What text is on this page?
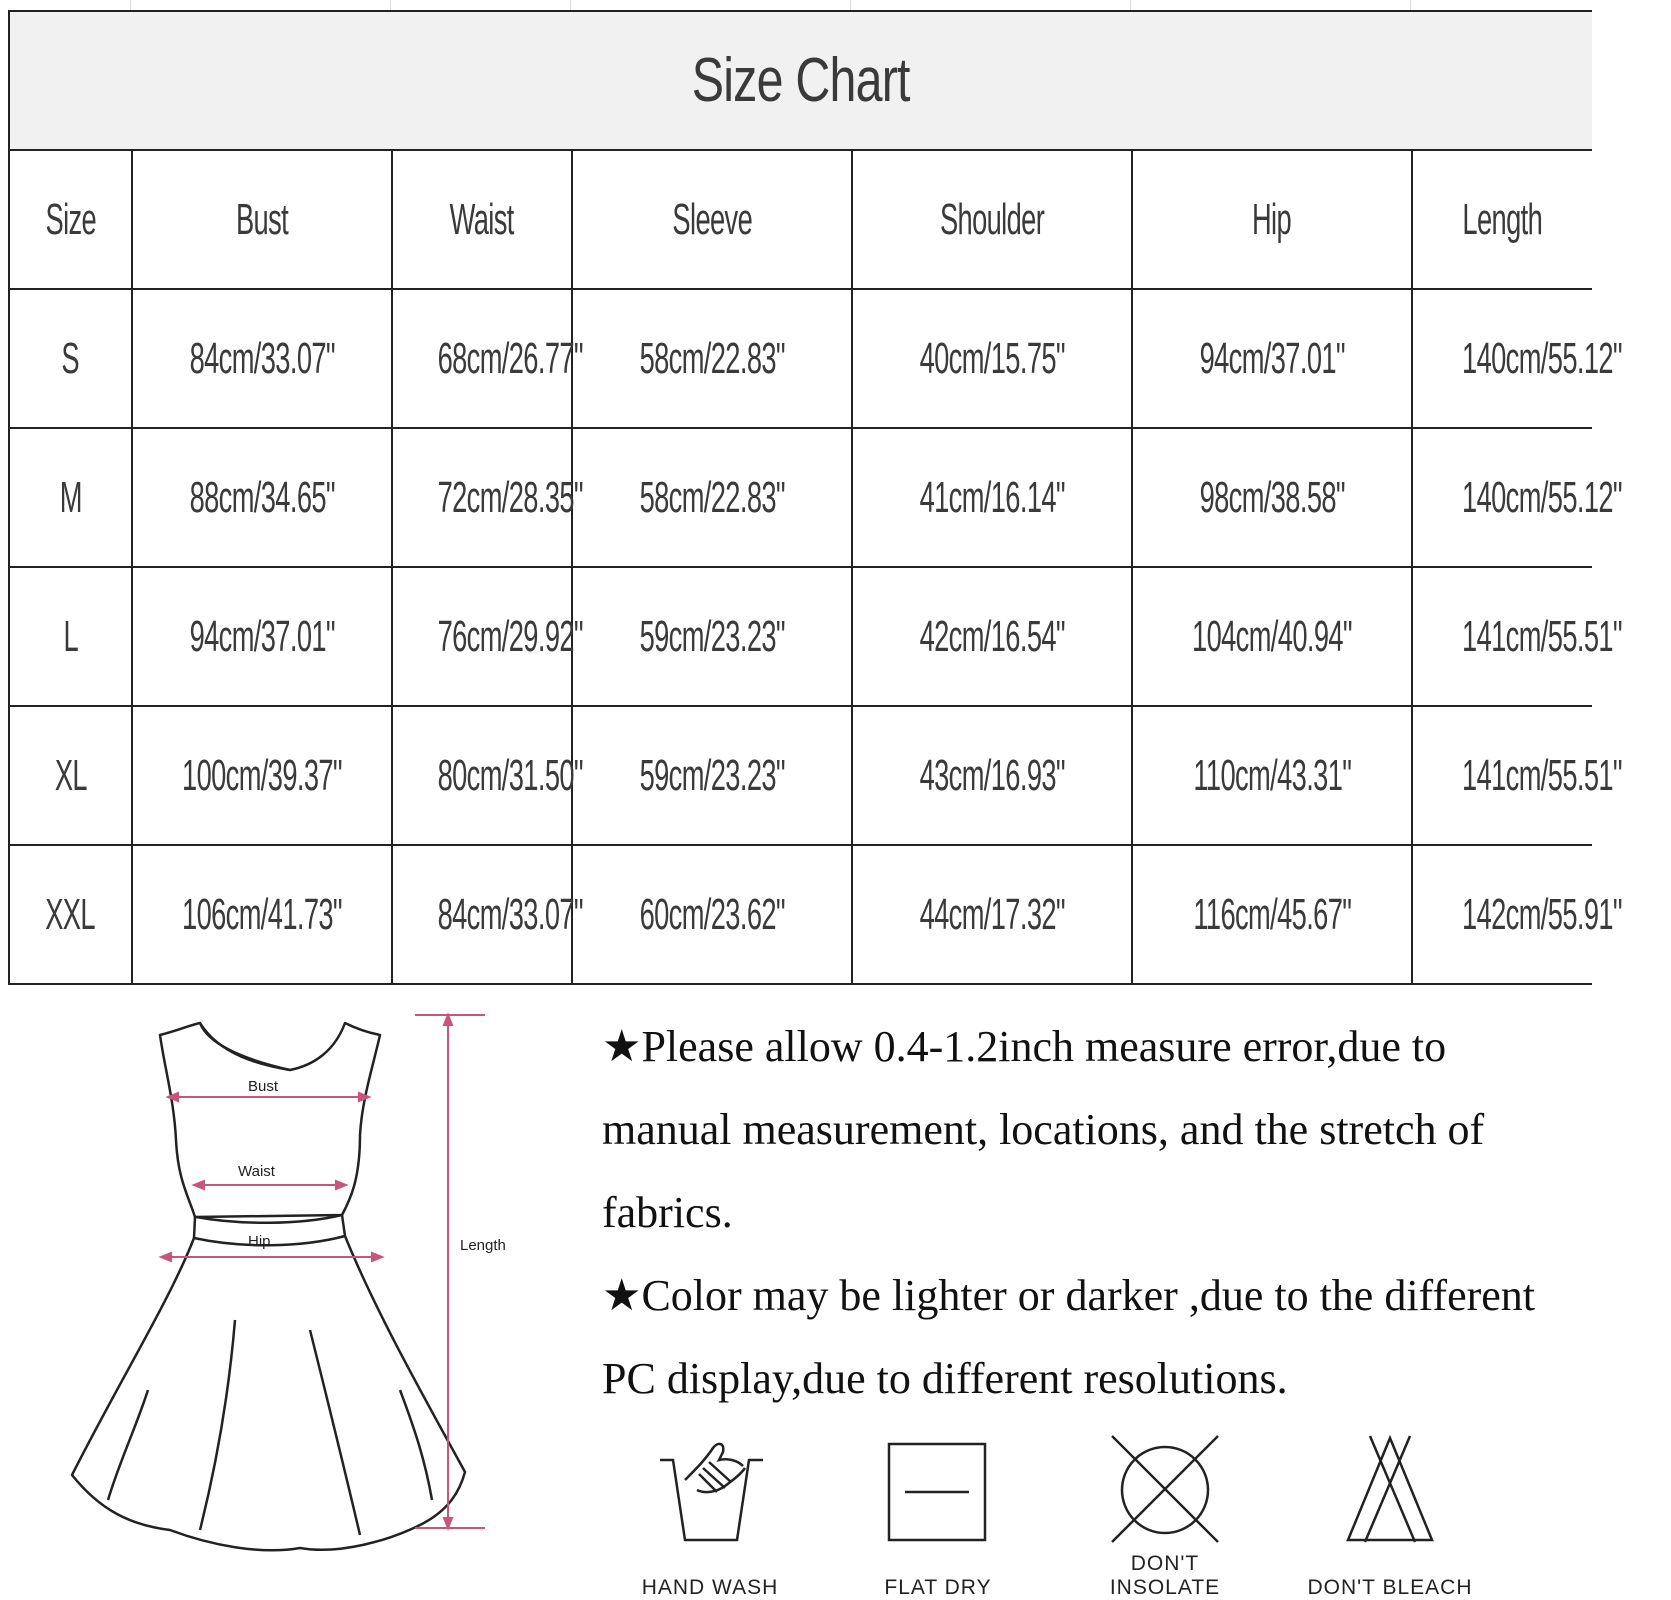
Size Chart
Size	Bust	Waist	Sleeve	Shoulder	Hip	Length
S	84cm/33.07"	68cm/26.77"	58cm/22.83"	40cm/15.75"	94cm/37.01"	140cm/55.12"
M	88cm/34.65"	72cm/28.35"	58cm/22.83"	41cm/16.14"	98cm/38.58"	140cm/55.12"
L	94cm/37.01"	76cm/29.92"	59cm/23.23"	42cm/16.54"	104cm/40.94"	141cm/55.51"
XL	100cm/39.37"	80cm/31.50"	59cm/23.23"	43cm/16.93"	110cm/43.31"	141cm/55.51"
XXL	106cm/41.73"	84cm/33.07"	60cm/23.62"	44cm/17.32"	116cm/45.67"	142cm/55.91"
Bust
Waist
Hip	Length

★Please allow 0.4-1.2inch measure error,due to manual measurement, locations, and the stretch of fabrics.

★Color may be lighter or darker ,due to the different PC display,due to different resolutions.

HAND WASH	FLAT DRY
DON'T INSOLATE	DON'T BLEACH
